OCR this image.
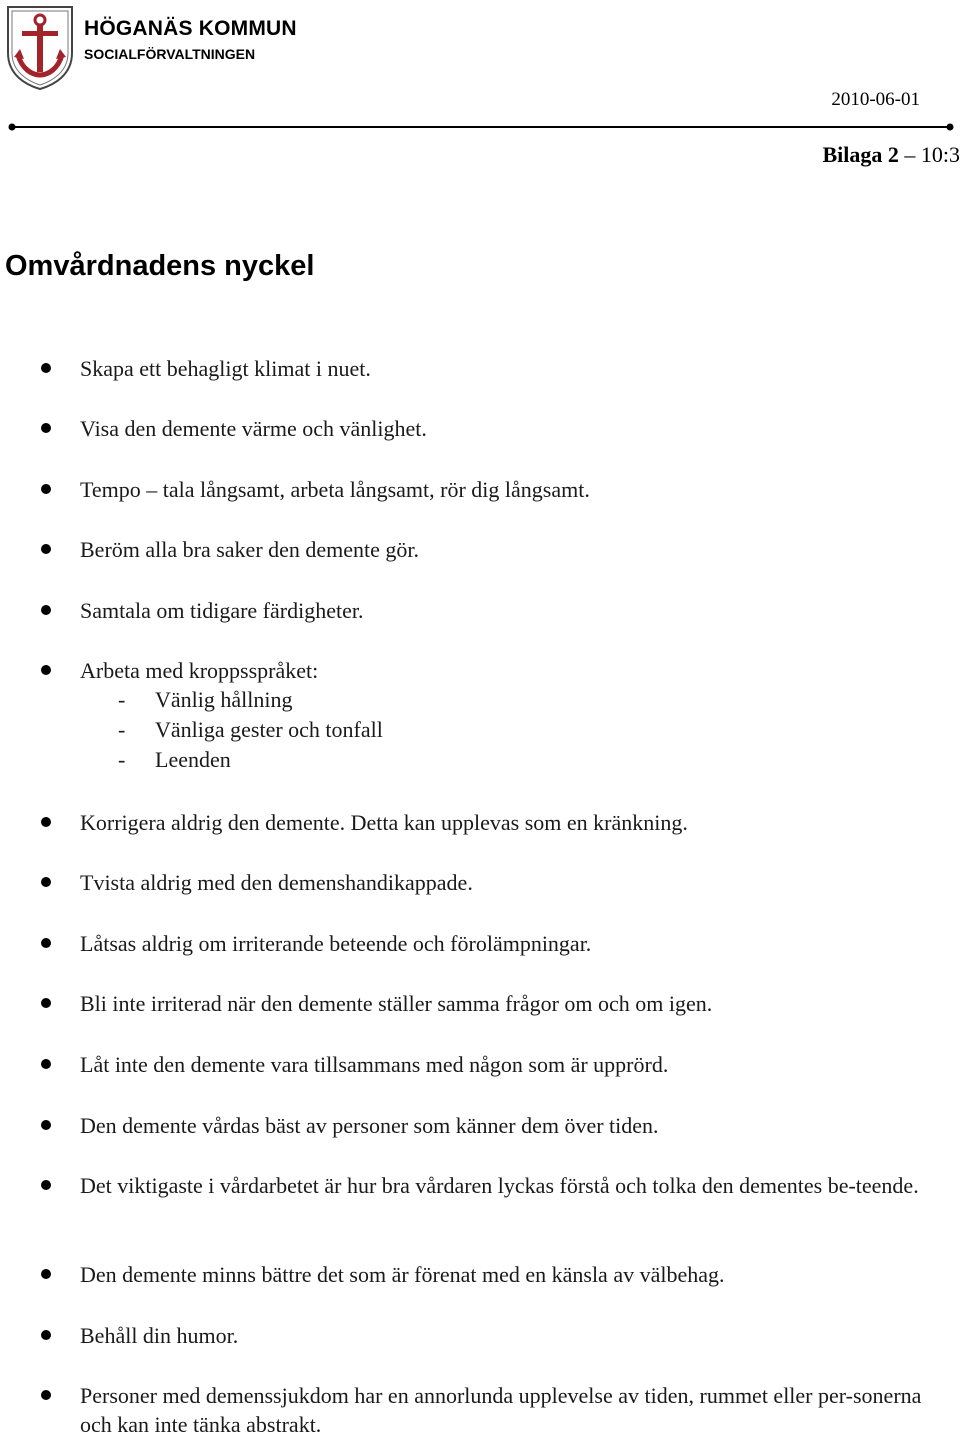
HÖGANÄS KOMMUN
SOCIALFÖRVALTNINGEN
2010-06-01
Bilaga 2 – 10:3
Omvårdnadens nyckel
Skapa ett behagligt klimat i nuet.
Visa den demente värme och vänlighet.
Tempo – tala långsamt, arbeta långsamt, rör dig långsamt.
Beröm alla bra saker den demente gör.
Samtala om tidigare färdigheter.
Arbeta med kroppsspråket:
- Vänlig hållning
- Vänliga gester och tonfall
- Leenden
Korrigera aldrig den demente. Detta kan upplevas som en kränkning.
Tvista aldrig med den demenshandikappade.
Låtsas aldrig om irriterande beteende och förolämpningar.
Bli inte irriterad när den demente ställer samma frågor om och om igen.
Låt inte den demente vara tillsammans med någon som är upprörd.
Den demente vårdas bäst av personer som känner dem över tiden.
Det viktigaste i vårdarbetet är hur bra vårdaren lyckas förstå och tolka den dementes be-teende.
Den demente minns bättre det som är förenat med en känsla av välbehag.
Behåll din humor.
Personer med demenssjukdom har en annorlunda upplevelse av tiden, rummet eller per-sonerna och kan inte tänka abstrakt.
